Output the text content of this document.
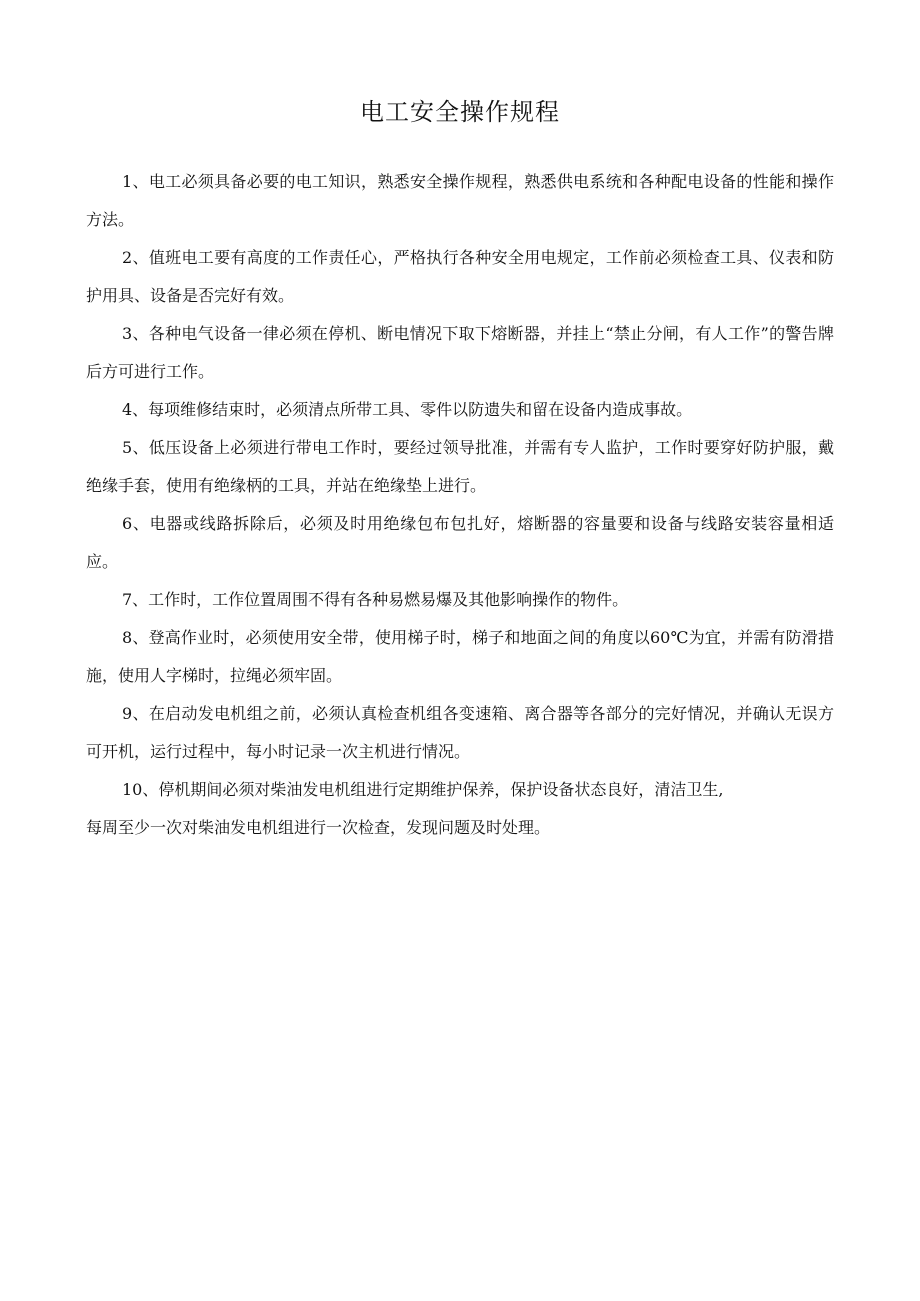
电工安全操作规程

1、电工必须具备必要的电工知识，熟悉安全操作规程，熟悉供电系统和各种配电设备的性能和操作方法。

2、值班电工要有高度的工作责任心，严格执行各种安全用电规定，工作前必须检查工具、仪表和防护用具、设备是否完好有效。

3、各种电气设备一律必须在停机、断电情况下取下熔断器，并挂上“禁止分闸，有人工作”的警告牌后方可进行工作。

4、每项维修结束时，必须清点所带工具、零件以防遗失和留在设备内造成事故。

5、低压设备上必须进行带电工作时，要经过领导批准，并需有专人监护，工作时要穿好防护服，戴绝缘手套，使用有绝缘柄的工具，并站在绝缘垫上进行。

6、电器或线路拆除后，必须及时用绝缘包布包扎好，熔断器的容量要和设备与线路安装容量相适应。

7、工作时，工作位置周围不得有各种易燃易爆及其他影响操作的物件。

8、登高作业时，必须使用安全带，使用梯子时，梯子和地面之间的角度以60℃为宜，并需有防滑措施，使用人字梯时，拉绳必须牢固。

9、在启动发电机组之前，必须认真检查机组各变速箱、离合器等各部分的完好情况，并确认无误方可开机，运行过程中，每小时记录一次主机进行情况。

10、停机期间必须对柴油发电机组进行定期维护保养，保护设备状态良好，清洁卫生,

每周至少一次对柴油发电机组进行一次检查，发现问题及时处理。
